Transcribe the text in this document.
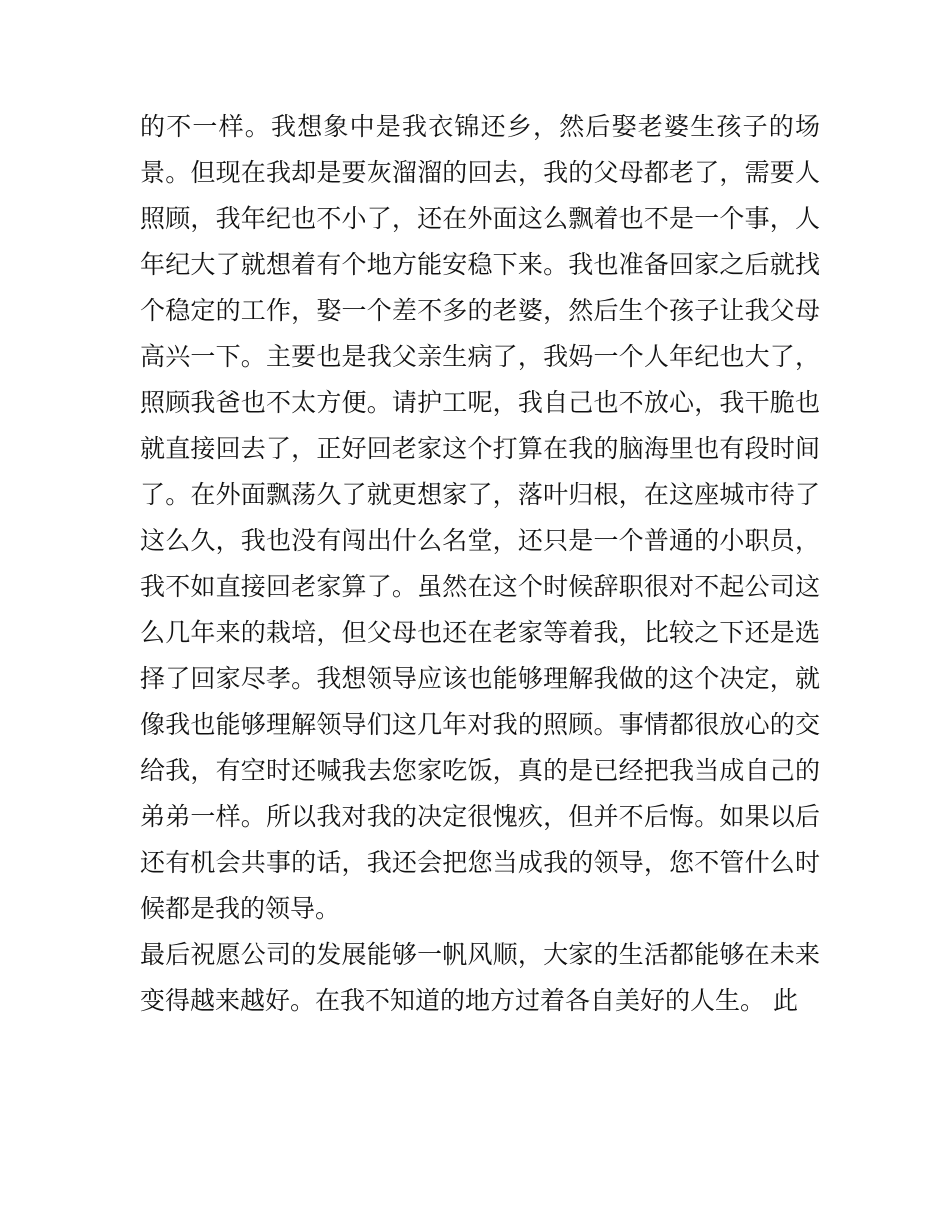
的不一样。我想象中是我衣锦还乡，然后娶老婆生孩子的场
景。但现在我却是要灰溜溜的回去，我的父母都老了，需要人
照顾，我年纪也不小了，还在外面这么飘着也不是一个事，人
年纪大了就想着有个地方能安稳下来。我也准备回家之后就找
个稳定的工作，娶一个差不多的老婆，然后生个孩子让我父母
高兴一下。主要也是我父亲生病了，我妈一个人年纪也大了，
照顾我爸也不太方便。请护工呢，我自己也不放心，我干脆也
就直接回去了，正好回老家这个打算在我的脑海里也有段时间
了。在外面飘荡久了就更想家了，落叶归根，在这座城市待了
这么久，我也没有闯出什么名堂，还只是一个普通的小职员，
我不如直接回老家算了。虽然在这个时候辞职很对不起公司这
么几年来的栽培，但父母也还在老家等着我，比较之下还是选
择了回家尽孝。我想领导应该也能够理解我做的这个决定，就
像我也能够理解领导们这几年对我的照顾。事情都很放心的交
给我，有空时还喊我去您家吃饭，真的是已经把我当成自己的
弟弟一样。所以我对我的决定很愧疚，但并不后悔。如果以后
还有机会共事的话，我还会把您当成我的领导，您不管什么时
候都是我的领导。
最后祝愿公司的发展能够一帆风顺，大家的生活都能够在未来
变得越来越好。在我不知道的地方过着各自美好的人生。 此
